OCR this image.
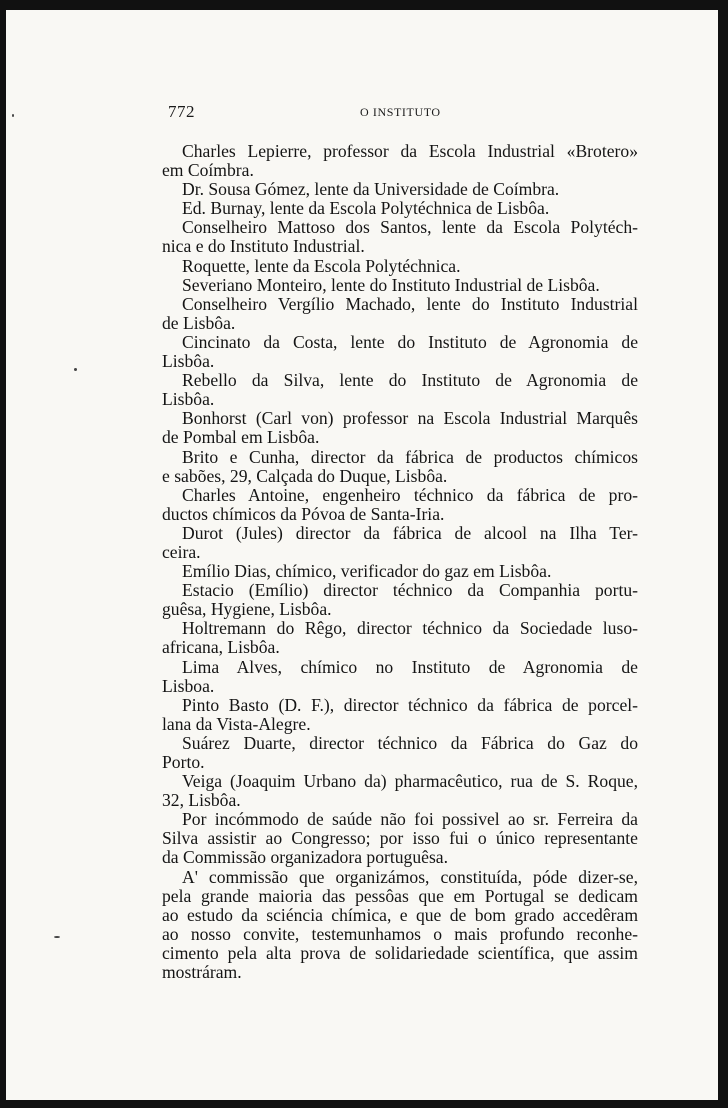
772	O INSTITUTO
Charles Lepierre, professor da Escola Industrial «Brotero»
em Coímbra.
Dr. Sousa Gómez, lente da Universidade de Coímbra.
Ed. Burnay, lente da Escola Polytéchnica de Lisbôa.
Conselheiro Mattoso dos Santos, lente da Escola Polytéch-
nica e do Instituto Industrial.
Roquette, lente da Escola Polytéchnica.
Severiano Monteiro, lente do Instituto Industrial de Lisbôa.
Conselheiro Vergílio Machado, lente do Instituto Industrial
de Lisbôa.
Cincinato da Costa, lente do Instituto de Agronomia de
Lisbôa.
Rebello da Silva, lente do Instituto de Agronomia de
Lisbôa.
Bonhorst (Carl von) professor na Escola Industrial Marquês
de Pombal em Lisbôa.
Brito e Cunha, director da fábrica de productos chímicos
e sabões, 29, Calçada do Duque, Lisbôa.
Charles Antoine, engenheiro téchnico da fábrica de pro-
ductos chímicos da Póvoa de Santa-Iria.
Durot (Jules) director da fábrica de alcool na Ilha Ter-
ceira.
Emílio Dias, chímico, verificador do gaz em Lisbôa.
Estacio (Emílio) director téchnico da Companhia portu-
guêsa, Hygiene, Lisbôa.
Holtremann do Rêgo, director téchnico da Sociedade luso-
africana, Lisbôa.
Lima Alves, chímico no Instituto de Agronomia de
Lisboa.
Pinto Basto (D. F.), director téchnico da fábrica de porcel-
lana da Vista-Alegre.
Suárez Duarte, director téchnico da Fábrica do Gaz do
Porto.
Veiga (Joaquim Urbano da) pharmacêutico, rua de S. Roque,
32, Lisbôa.
Por incómmodo de saúde não foi possivel ao sr. Ferreira da
Silva assistir ao Congresso; por isso fui o único representante
da Commissão organizadora portuguêsa.
A' commissão que organizámos, constituída, póde dizer-se,
pela grande maioria das pessôas que em Portugal se dedicam
ao estudo da sciéncia chímica, e que de bom grado accedêram
ao nosso convite, testemunhamos o mais profundo reconhe-
cimento pela alta prova de solidariedade scientífica, que assim
mostráram.
